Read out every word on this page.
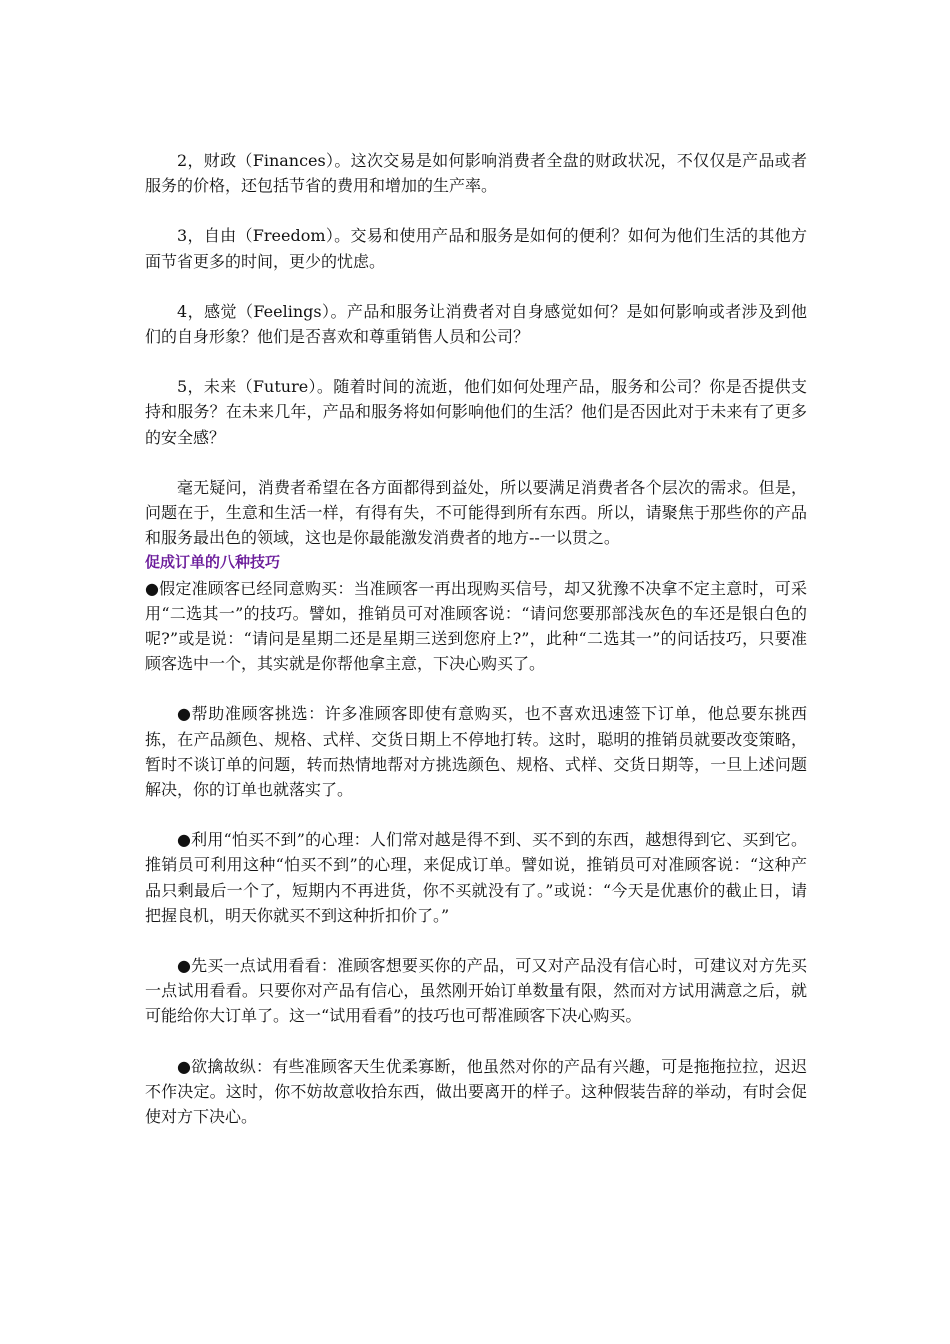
2，财政（Finances）。这次交易是如何影响消费者全盘的财政状况，不仅仅是产品或者服务的价格，还包括节省的费用和增加的生产率。

3，自由（Freedom）。交易和使用产品和服务是如何的便利？如何为他们生活的其他方面节省更多的时间，更少的忧虑。

4，感觉（Feelings）。产品和服务让消费者对自身感觉如何？是如何影响或者涉及到他们的自身形象？他们是否喜欢和尊重销售人员和公司？

5，未来（Future）。随着时间的流逝，他们如何处理产品，服务和公司？你是否提供支持和服务？在未来几年，产品和服务将如何影响他们的生活？他们是否因此对于未来有了更多的安全感？

毫无疑问，消费者希望在各方面都得到益处，所以要满足消费者各个层次的需求。但是，问题在于，生意和生活一样，有得有失，不可能得到所有东西。所以，请聚焦于那些你的产品和服务最出色的领域，这也是你最能激发消费者的地方--一以贯之。

促成订单的八种技巧

●假定准顾客已经同意购买：当准顾客一再出现购买信号，却又犹豫不决拿不定主意时，可采用“二选其一”的技巧。譬如，推销员可对准顾客说：“请问您要那部浅灰色的车还是银白色的呢?”或是说：“请问是星期二还是星期三送到您府上?”，此种“二选其一”的问话技巧，只要准顾客选中一个，其实就是你帮他拿主意，下决心购买了。

●帮助准顾客挑选：许多准顾客即使有意购买，也不喜欢迅速签下订单，他总要东挑西拣，在产品颜色、规格、式样、交货日期上不停地打转。这时，聪明的推销员就要改变策略，暂时不谈订单的问题，转而热情地帮对方挑选颜色、规格、式样、交货日期等，一旦上述问题解决，你的订单也就落实了。

●利用“怕买不到”的心理：人们常对越是得不到、买不到的东西，越想得到它、买到它。推销员可利用这种“怕买不到”的心理，来促成订单。譬如说，推销员可对准顾客说：“这种产品只剩最后一个了，短期内不再进货，你不买就没有了。”或说：“今天是优惠价的截止日，请把握良机，明天你就买不到这种折扣价了。”

●先买一点试用看看：准顾客想要买你的产品，可又对产品没有信心时，可建议对方先买一点试用看看。只要你对产品有信心，虽然刚开始订单数量有限，然而对方试用满意之后，就可能给你大订单了。这一“试用看看”的技巧也可帮准顾客下决心购买。

●欲擒故纵：有些准顾客天生优柔寡断，他虽然对你的产品有兴趣，可是拖拖拉拉，迟迟不作决定。这时，你不妨故意收拾东西，做出要离开的样子。这种假装告辞的举动，有时会促使对方下决心。
